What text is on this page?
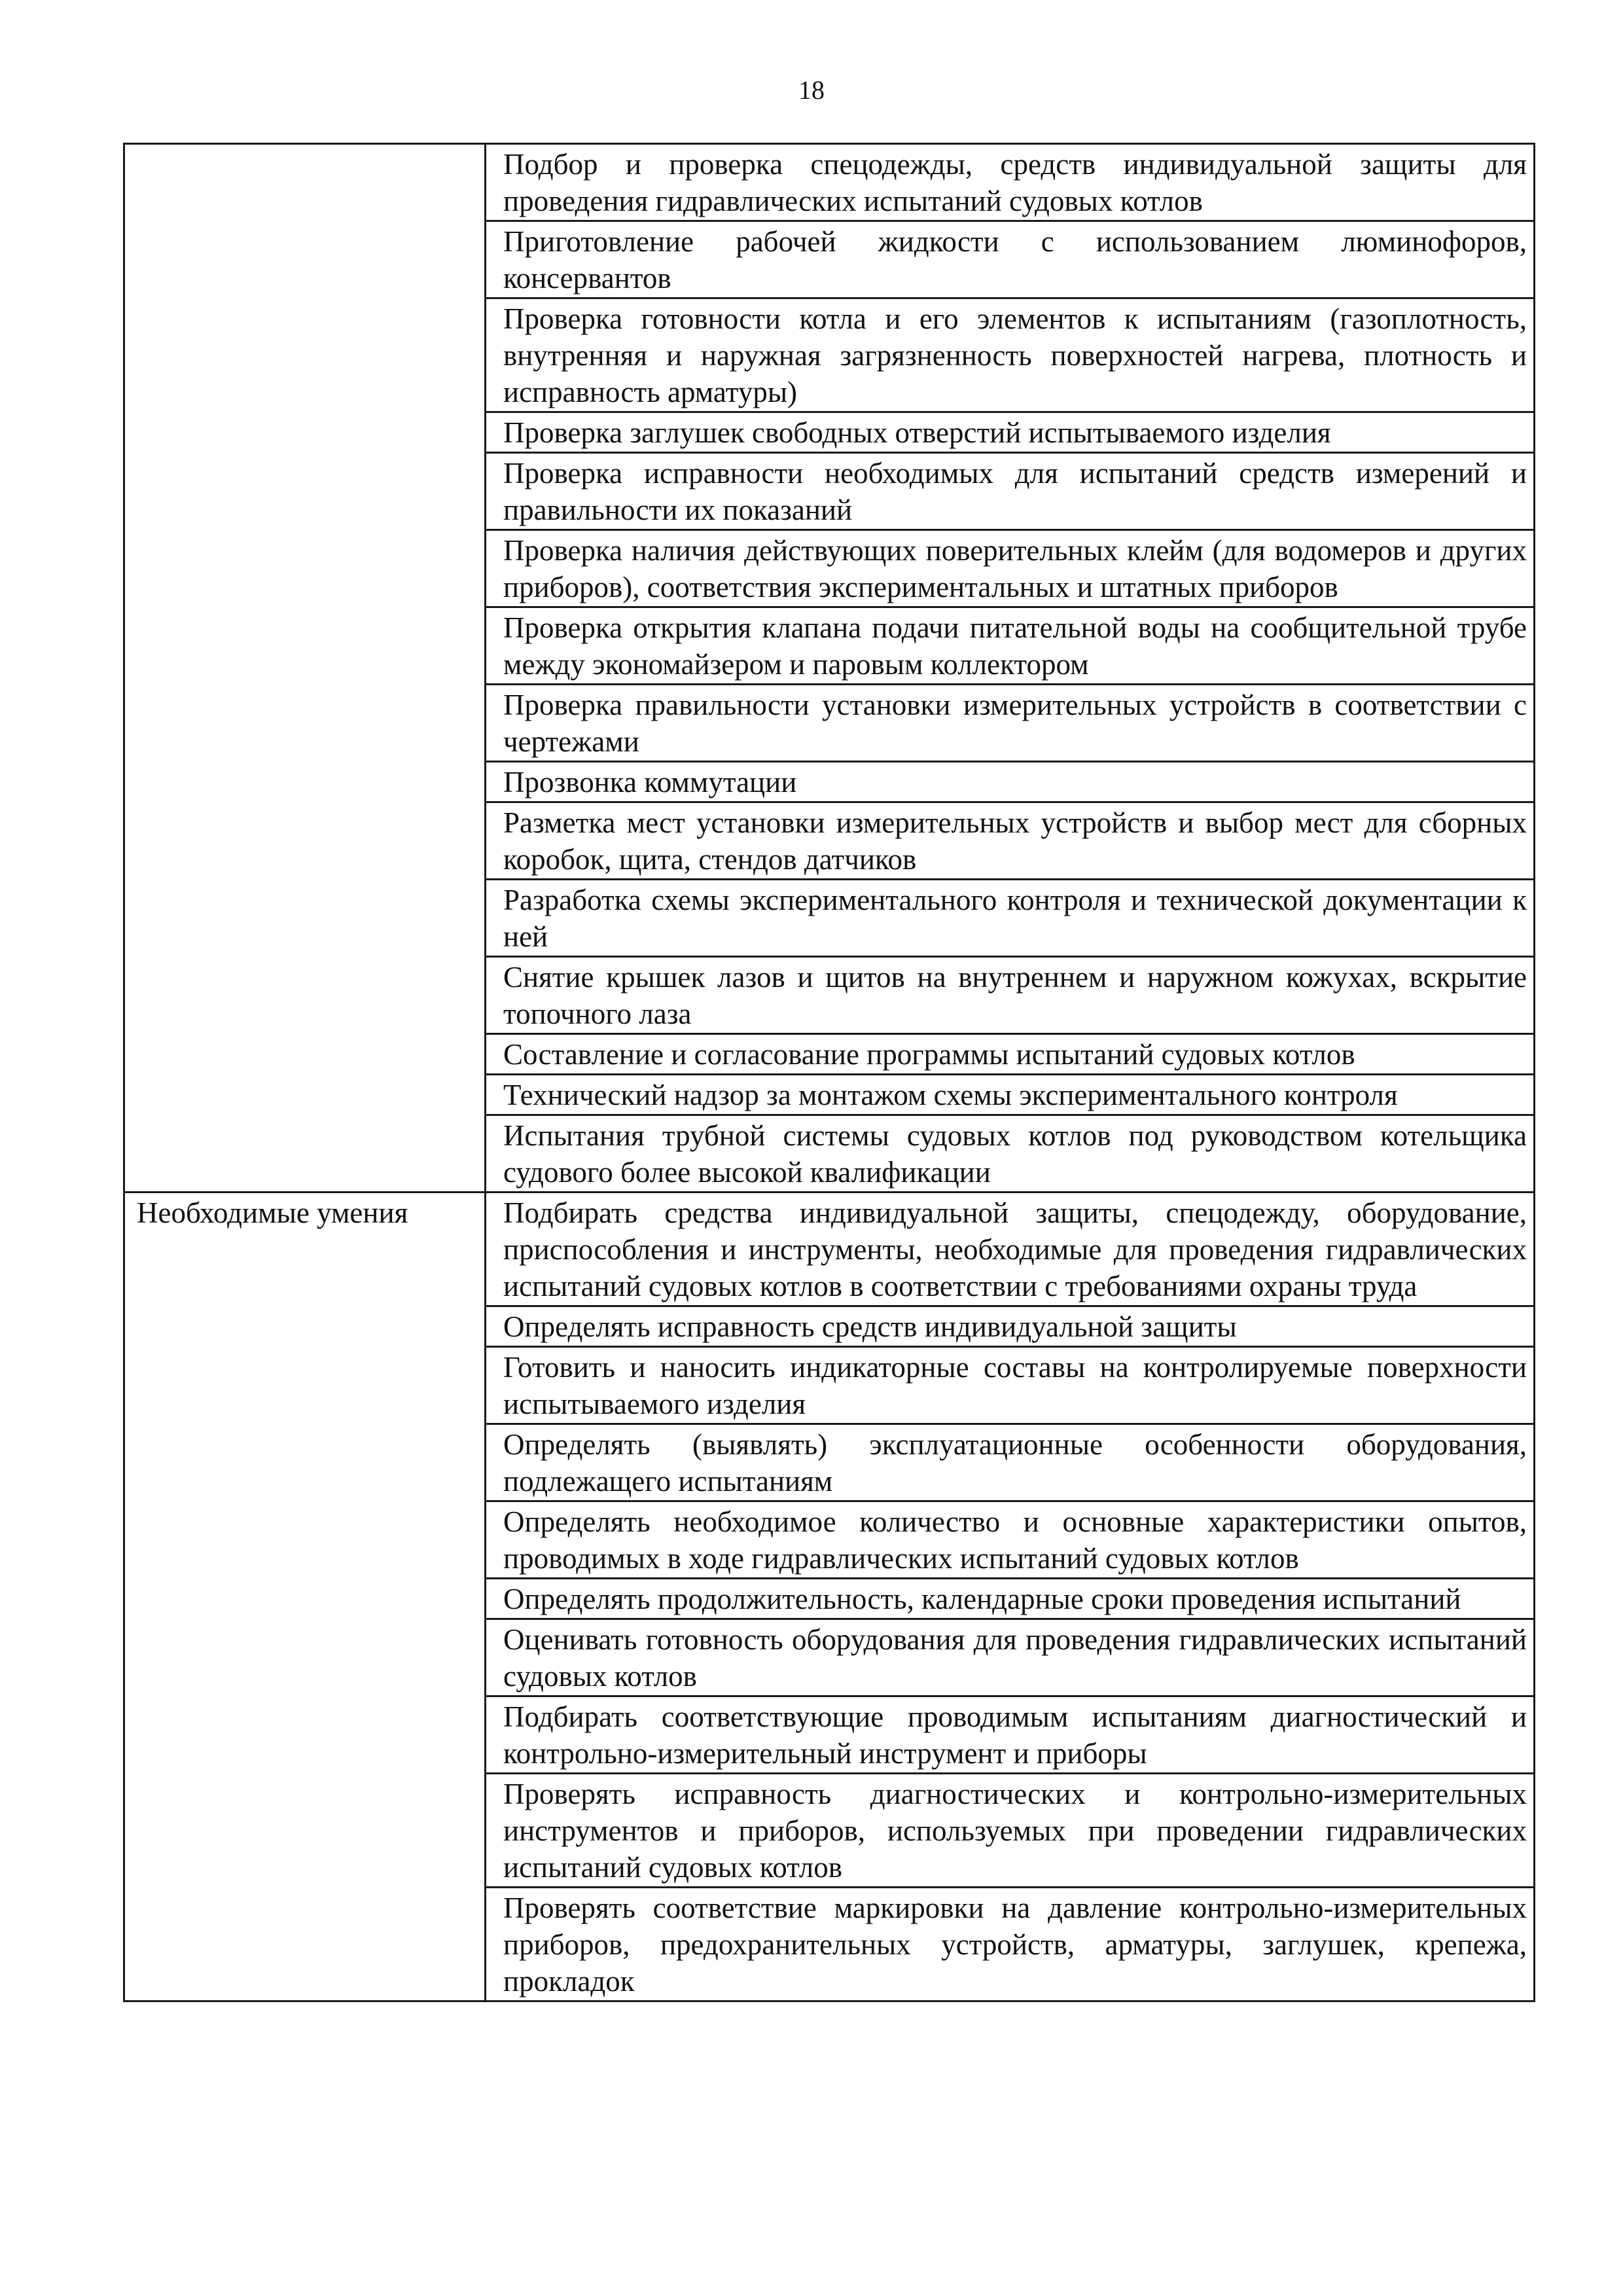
18
	Подбор и проверка спецодежды, средств индивидуальной защиты для проведения гидравлических испытаний судовых котлов
	Приготовление рабочей жидкости с использованием люминофоров, консервантов
	Проверка готовности котла и его элементов к испытаниям (газоплотность, внутренняя и наружная загрязненность поверхностей нагрева, плотность и исправность арматуры)
	Проверка заглушек свободных отверстий испытываемого изделия
	Проверка исправности необходимых для испытаний средств измерений и правильности их показаний
	Проверка наличия действующих поверительных клейм (для водомеров и других приборов), соответствия экспериментальных и штатных приборов
	Проверка открытия клапана подачи питательной воды на сообщительной трубе между экономайзером и паровым коллектором
	Проверка правильности установки измерительных устройств в соответствии с чертежами
	Прозвонка коммутации
	Разметка мест установки измерительных устройств и выбор мест для сборных коробок, щита, стендов датчиков
	Разработка схемы экспериментального контроля и технической документации к ней
	Снятие крышек лазов и щитов на внутреннем и наружном кожухах, вскрытие топочного лаза
	Составление и согласование программы испытаний судовых котлов
	Технический надзор за монтажом схемы экспериментального контроля
	Испытания трубной системы судовых котлов под руководством котельщика судового более высокой квалификации
Необходимые умения	Подбирать средства индивидуальной защиты, спецодежду, оборудование, приспособления и инструменты, необходимые для проведения гидравлических испытаний судовых котлов в соответствии с требованиями охраны труда
	Определять исправность средств индивидуальной защиты
	Готовить и наносить индикаторные составы на контролируемые поверхности испытываемого изделия
	Определять (выявлять) эксплуатационные особенности оборудования, подлежащего испытаниям
	Определять необходимое количество и основные характеристики опытов, проводимых в ходе гидравлических испытаний судовых котлов
	Определять продолжительность, календарные сроки проведения испытаний
	Оценивать готовность оборудования для проведения гидравлических испытаний судовых котлов
	Подбирать соответствующие проводимым испытаниям диагностический и контрольно-измерительный инструмент и приборы
	Проверять исправность диагностических и контрольно-измерительных инструментов и приборов, используемых при проведении гидравлических испытаний судовых котлов
	Проверять соответствие маркировки на давление контрольно-измерительных приборов, предохранительных устройств, арматуры, заглушек, крепежа, прокладок
